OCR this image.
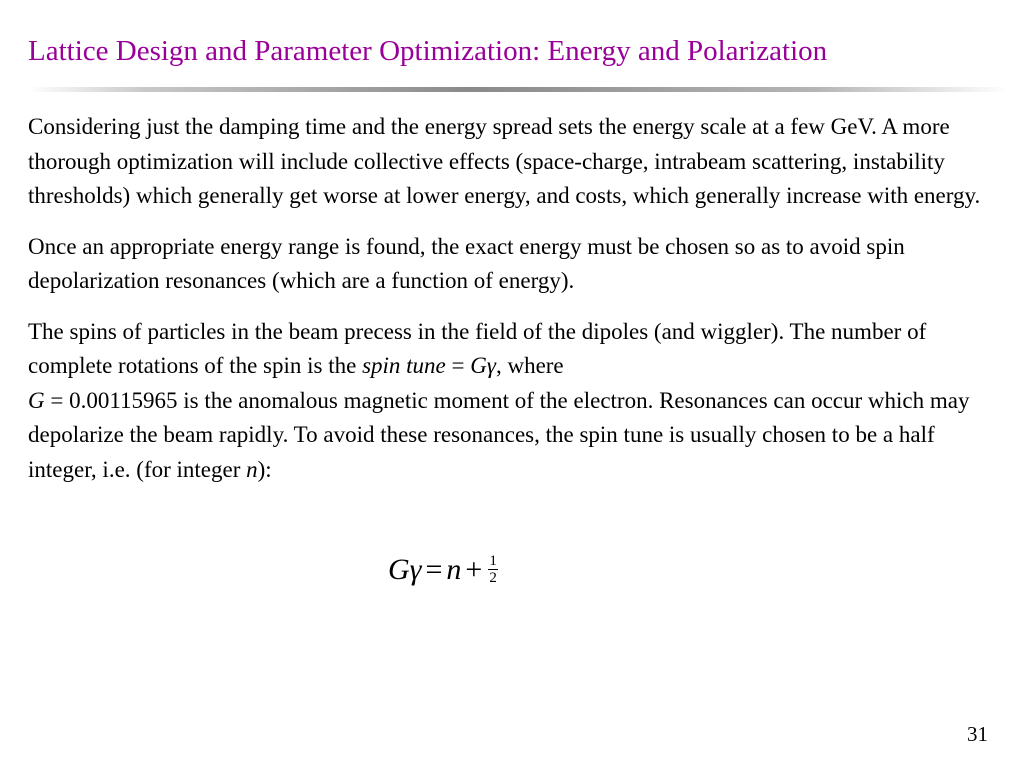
Lattice Design and Parameter Optimization: Energy and Polarization

Considering just the damping time and the energy spread sets the energy scale at a few GeV. A more thorough optimization will include collective effects (space-charge, intrabeam scattering, instability thresholds) which generally get worse at lower energy, and costs, which generally increase with energy.

Once an appropriate energy range is found, the exact energy must be chosen so as to avoid spin depolarization resonances (which are a function of energy).

The spins of particles in the beam precess in the field of the dipoles (and wiggler). The number of complete rotations of the spin is the spin tune = Gγ, where
G = 0.00115965 is the anomalous magnetic moment of the electron. Resonances can occur which may depolarize the beam rapidly. To avoid these resonances, the spin tune is usually chosen to be a half integer, i.e. (for integer n):

$G\gamma = n + \frac{1}{2}$
31
